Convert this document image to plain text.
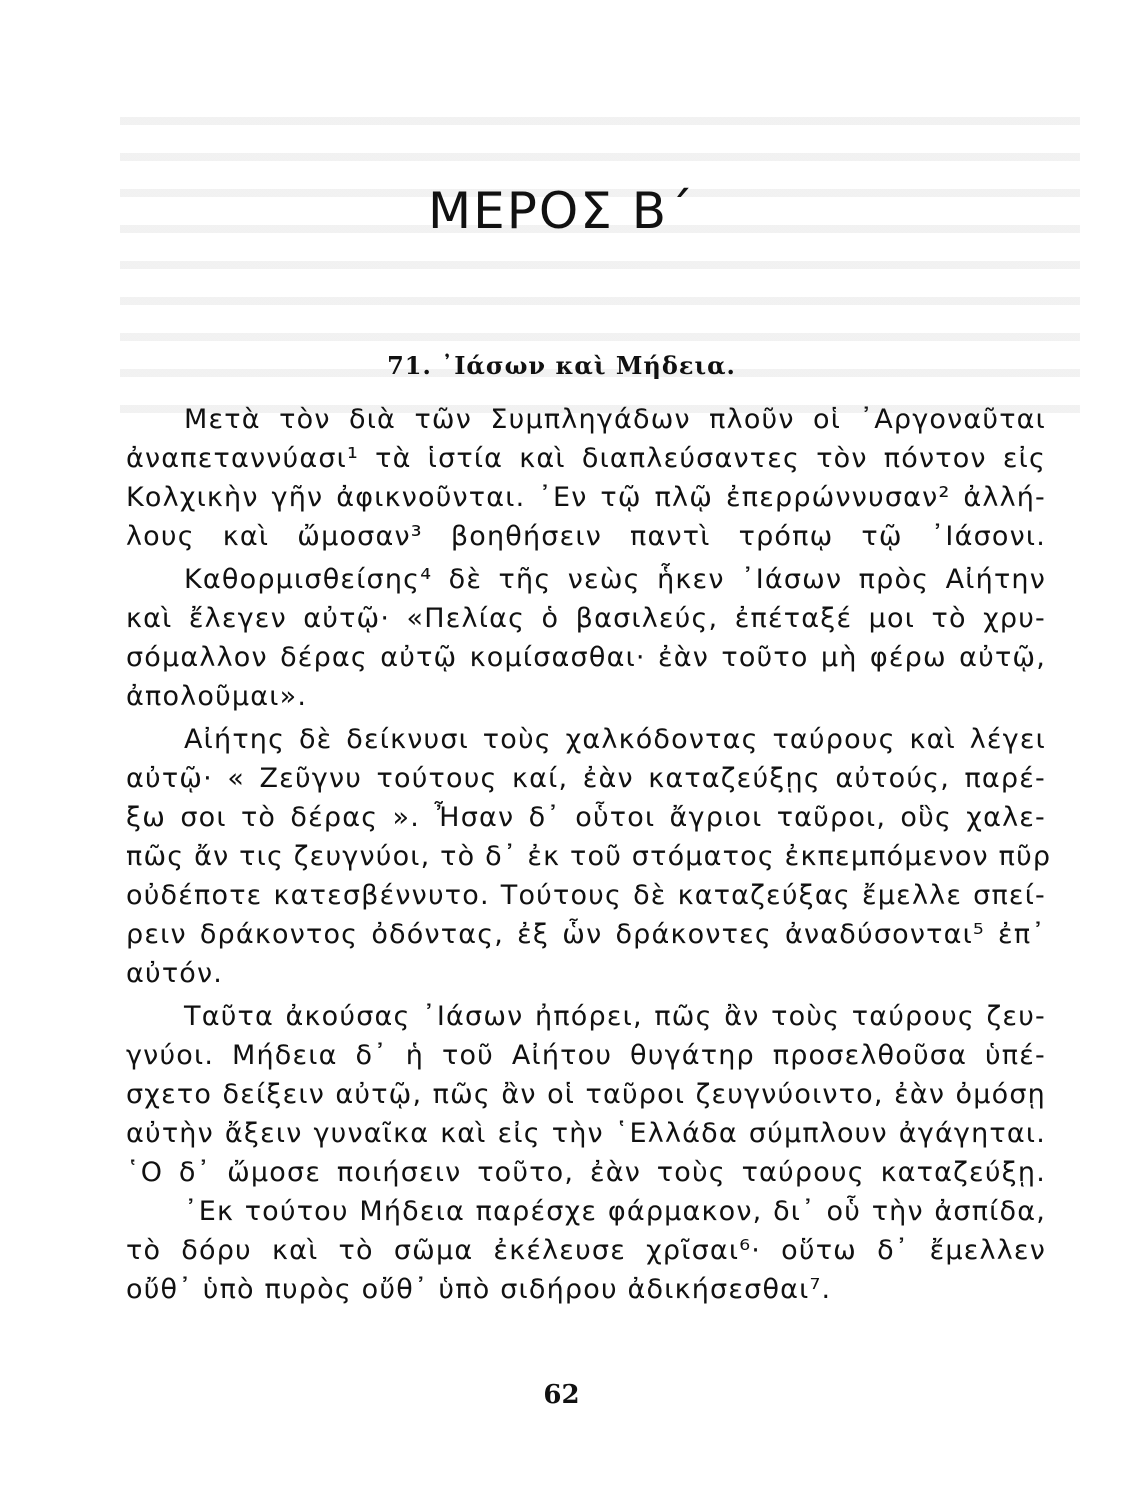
ΜΕΡΟΣ Β΄
71. ᾿Ιάσων καὶ Μήδεια.
Μετὰ τὸν διὰ τῶν Συμπληγάδων πλοῦν οἱ ᾿Αργοναῦται
ἀναπεταννύασι¹ τὰ ἱστία καὶ διαπλεύσαντες τὸν πόντον εἰς
Κολχικὴν γῆν ἀφικνοῦνται. ᾿Εν τῷ πλῷ ἐπερρώννυσαν² ἀλλή-
λους καὶ ὤμοσαν³ βοηθήσειν παντὶ τρόπῳ τῷ ᾿Ιάσονι.
Καθορμισθείσης⁴ δὲ τῆς νεὼς ἧκεν ᾿Ιάσων πρὸς Αἰήτην
καὶ ἔλεγεν αὐτῷ· «Πελίας ὁ βασιλεύς, ἐπέταξέ μοι τὸ χρυ-
σόμαλλον δέρας αὐτῷ κομίσασθαι· ἐὰν τοῦτο μὴ φέρω αὐτῷ,
ἀπολοῦμαι».
Αἰήτης δὲ δείκνυσι τοὺς χαλκόδοντας ταύρους καὶ λέγει
αὐτῷ· « Ζεῦγνυ τούτους καί, ἐὰν καταζεύξῃς αὐτούς, παρέ-
ξω σοι τὸ δέρας ». Ἦσαν δ᾿ οὗτοι ἄγριοι ταῦροι, οὓς χαλε-
πῶς ἄν τις ζευγνύοι, τὸ δ᾿ ἐκ τοῦ στόματος ἐκπεμπόμενον πῦρ
οὐδέποτε κατεσβέννυτο. Τούτους δὲ καταζεύξας ἔμελλε σπεί-
ρειν δράκοντος ὀδόντας, ἐξ ὧν δράκοντες ἀναδύσονται⁵ ἐπ᾿
αὐτόν.
Ταῦτα ἀκούσας ᾿Ιάσων ἠπόρει, πῶς ἂν τοὺς ταύρους ζευ-
γνύοι. Μήδεια δ᾿ ἡ τοῦ Αἰήτου θυγάτηρ προσελθοῦσα ὑπέ-
σχετο δείξειν αὐτῷ, πῶς ἂν οἱ ταῦροι ζευγνύοιντο, ἐὰν ὀμόσῃ
αὐτὴν ἄξειν γυναῖκα καὶ εἰς τὴν ῾Ελλάδα σύμπλουν ἀγάγηται.
῾Ο δ᾿ ὤμοσε ποιήσειν τοῦτο, ἐὰν τοὺς ταύρους καταζεύξῃ.
᾿Εκ τούτου Μήδεια παρέσχε φάρμακον, δι᾿ οὗ τὴν ἀσπίδα,
τὸ δόρυ καὶ τὸ σῶμα ἐκέλευσε χρῖσαι⁶· οὕτω δ᾿ ἔμελλεν
οὔθ᾿ ὑπὸ πυρὸς οὔθ᾿ ὑπὸ σιδήρου ἀδικήσεσθαι⁷.
62
